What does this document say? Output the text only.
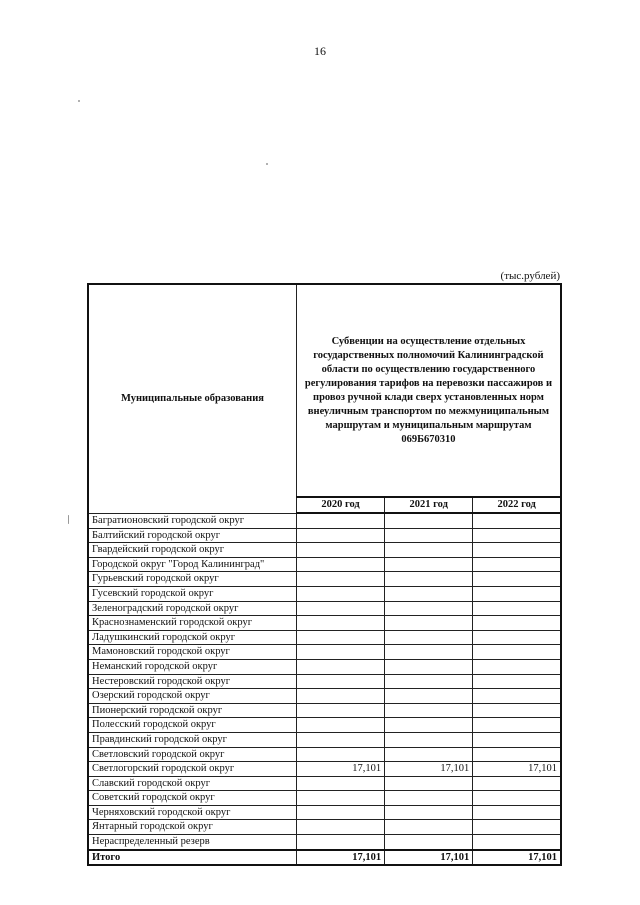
16
(тыс.рублей)
Муниципальные образования	Субвенции на осуществление отдельных государственных полномочий Калининградской области по осуществлению государственного регулирования тарифов на перевозки пассажиров и провоз ручной клади сверх установленных норм внеуличным транспортом по межмуниципальным маршрутам и муниципальным маршрутам 069Б670310		
	2020 год	2021 год	2022 год
Багратионовский городской округ			
Балтийский городской округ			
Гвардейский городской округ			
Городской округ "Город Калининград"			
Гурьевский городской округ			
Гусевский городской округ			
Зеленоградский городской округ			
Краснознаменский городской округ			
Ладушкинский городской округ			
Мамоновский городской округ			
Неманский городской округ			
Нестеровский городской округ			
Озерский городской округ			
Пионерский городской округ			
Полесский городской округ			
Правдинский городской округ			
Светловский городской округ			
Светлогорский городской округ	17,101	17,101	17,101
Славский городской округ			
Советский городской округ			
Черняховский городской округ			
Янтарный городской округ			
Нераспределенный резерв			
Итого	17,101	17,101	17,101
